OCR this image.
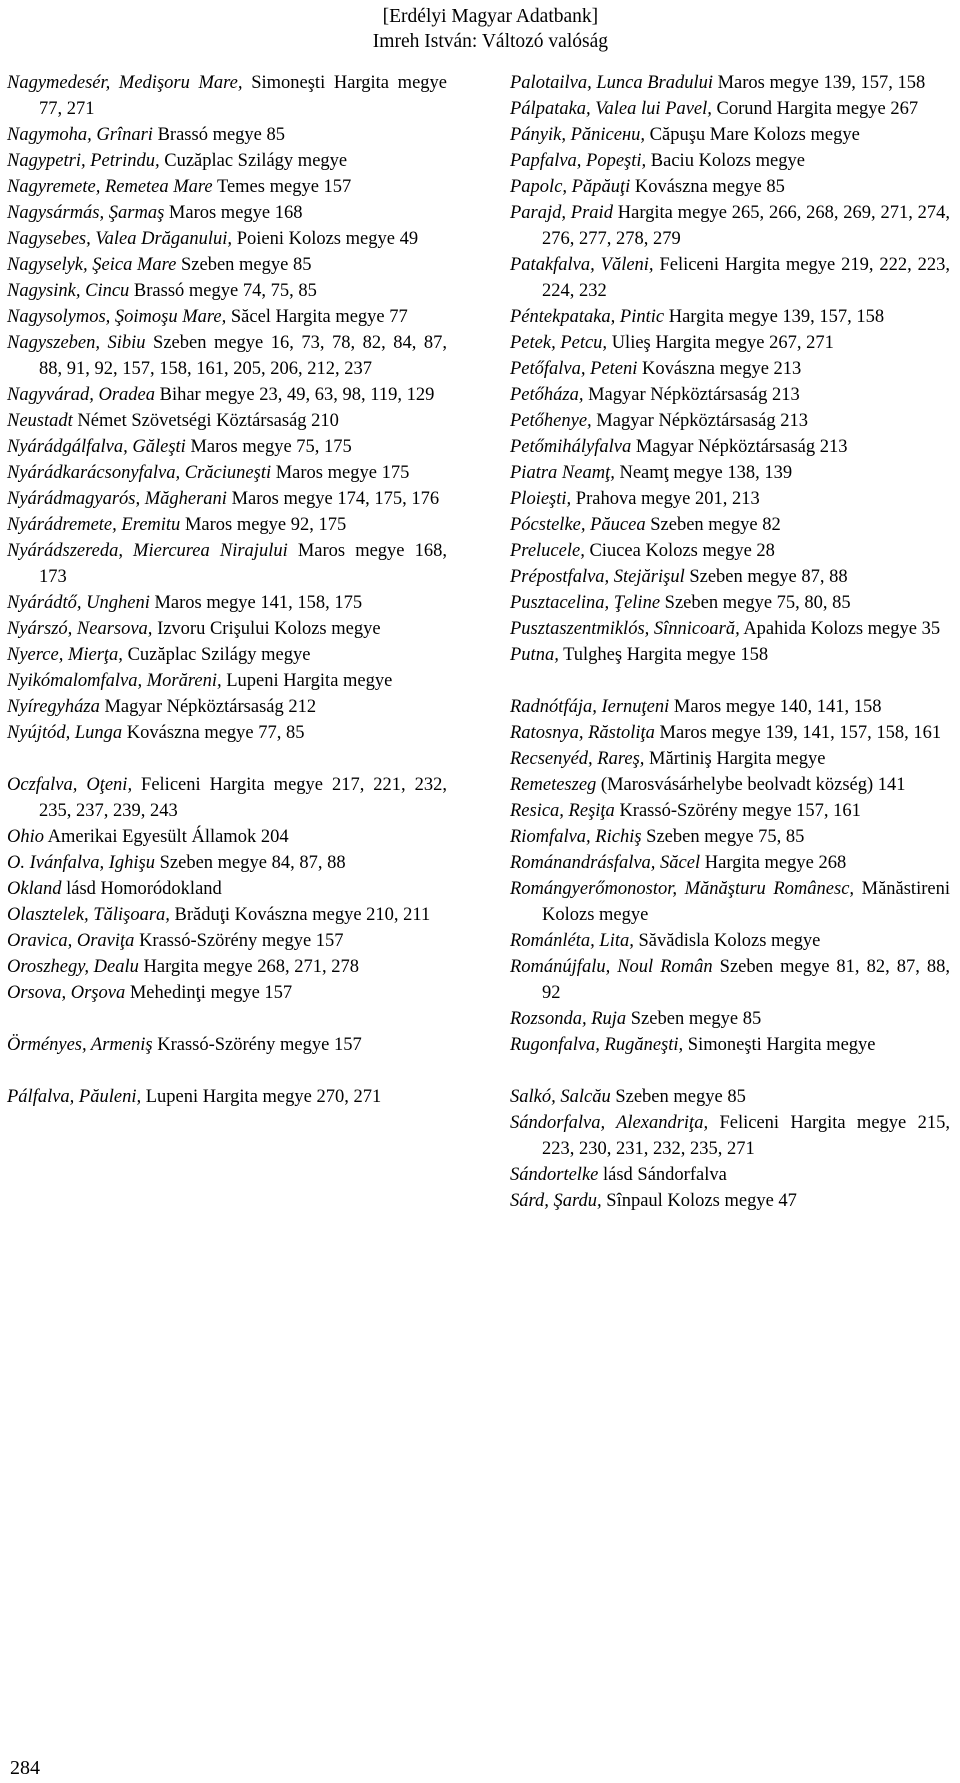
[Erdélyi Magyar Adatbank]
Imreh István: Változó valóság
Nagymedesér, Medişoru Mare, Simoneşti Hargita megye 77, 271
Nagymoha, Grînari Brassó megye 85
Nagypetri, Petrindu, Cuzăplac Szilágy megye
Nagyremete, Remetea Mare Temes megye 157
Nagysármás, Şarmaş Maros megye 168
Nagysebes, Valea Drăganului, Poieni Kolozs megye 49
Nagyselyk, Şeica Mare Szeben megye 85
Nagysink, Cincu Brassó megye 74, 75, 85
Nagysolymos, Şoimoşu Mare, Săcel Hargita megye 77
Nagyszeben, Sibiu Szeben megye 16, 73, 78, 82, 84, 87, 88, 91, 92, 157, 158, 161, 205, 206, 212, 237
Nagyvárad, Oradea Bihar megye 23, 49, 63, 98, 119, 129
Neustadt Német Szövetségi Köztársaság 210
Nyárádgálfalva, Găleşti Maros megye 75, 175
Nyárádkarácsonyfalva, Crăciuneşti Maros megye 175
Nyárádmagyarós, Măgherani Maros megye 174, 175, 176
Nyárádremete, Eremitu Maros megye 92, 175
Nyárádszereda, Miercurea Nirajului Maros megye 168, 173
Nyárádtő, Ungheni Maros megye 141, 158, 175
Nyárszó, Nearsova, Izvoru Crişului Kolozs megye
Nyerce, Mierţa, Cuzăplac Szilágy megye
Nyikómalomfalva, Morăreni, Lupeni Hargita megye
Nyíregyháza Magyar Népköztársaság 212
Nyújtód, Lunga Kovászna megye 77, 85
Oczfalva, Oţeni, Feliceni Hargita megye 217, 221, 232, 235, 237, 239, 243
Ohio Amerikai Egyesült Államok 204
O. Ivánfalva, Ighişu Szeben megye 84, 87, 88
Okland lásd Homoródokland
Olasztelek, Tălişoara, Brăduţi Kovászna megye 210, 211
Oravica, Oraviţa Krassó-Szörény megye 157
Oroszhegy, Dealu Hargita megye 268, 271, 278
Orsova, Orşova Mehedinţi megye 157
Örményes, Armeniş Krassó-Szörény megye 157
Pálfalva, Păuleni, Lupeni Hargita megye 270, 271
Palotailva, Lunca Bradului Maros megye 139, 157, 158
Pálpataka, Valea lui Pavel, Corund Hargita megye 267
Pányik, Pănicени, Căpuşu Mare Kolozs megye
Papfalva, Popeşti, Baciu Kolozs megye
Papolc, Păpăuţi Kovászna megye 85
Parajd, Praid Hargita megye 265, 266, 268, 269, 271, 274, 276, 277, 278, 279
Patakfalva, Văleni, Feliceni Hargita megye 219, 222, 223, 224, 232
Péntekpataka, Pintic Hargita megye 139, 157, 158
Petek, Petcu, Ulieş Hargita megye 267, 271
Petőfalva, Peteni Kovászna megye 213
Petőháza, Magyar Népköztársaság 213
Petőhenye, Magyar Népköztársaság 213
Petőmihályfalva Magyar Népköztársaság 213
Piatra Neamţ, Neamţ megye 138, 139
Ploieşti, Prahova megye 201, 213
Pócstelke, Păucea Szeben megye 82
Prelucele, Ciucea Kolozs megye 28
Prépostfalva, Stejărişul Szeben megye 87, 88
Pusztacelina, Ţeline Szeben megye 75, 80, 85
Pusztaszentmiklós, Sînnicoară, Apahida Kolozs megye 35
Putna, Tulgheş Hargita megye 158
Radnótfája, Iernuţeni Maros megye 140, 141, 158
Ratosnya, Răstoliţa Maros megye 139, 141, 157, 158, 161
Recsenyéd, Rareş, Mărtiniş Hargita megye
Remeteszeg (Marosvásárhelybe beolvadt község) 141
Resica, Reşiţa Krassó-Szörény megye 157, 161
Riomfalva, Richiş Szeben megye 75, 85
Románandrásfalva, Săcel Hargita megye 268
Romángyerőmonostor, Mănăşturu Românesc, Mănăstireni Kolozs megye
Románléta, Lita, Săvădisla Kolozs megye
Románújfalu, Noul Român Szeben megye 81, 82, 87, 88, 92
Rozsonda, Ruja Szeben megye 85
Rugonfalva, Rugăneşti, Simoneşti Hargita megye
Salkó, Salcău Szeben megye 85
Sándorfalva, Alexandriţa, Feliceni Hargita megye 215, 223, 230, 231, 232, 235, 271
Sándortelke lásd Sándorfalva
Sárd, Şardu, Sînpaul Kolozs megye 47
284
